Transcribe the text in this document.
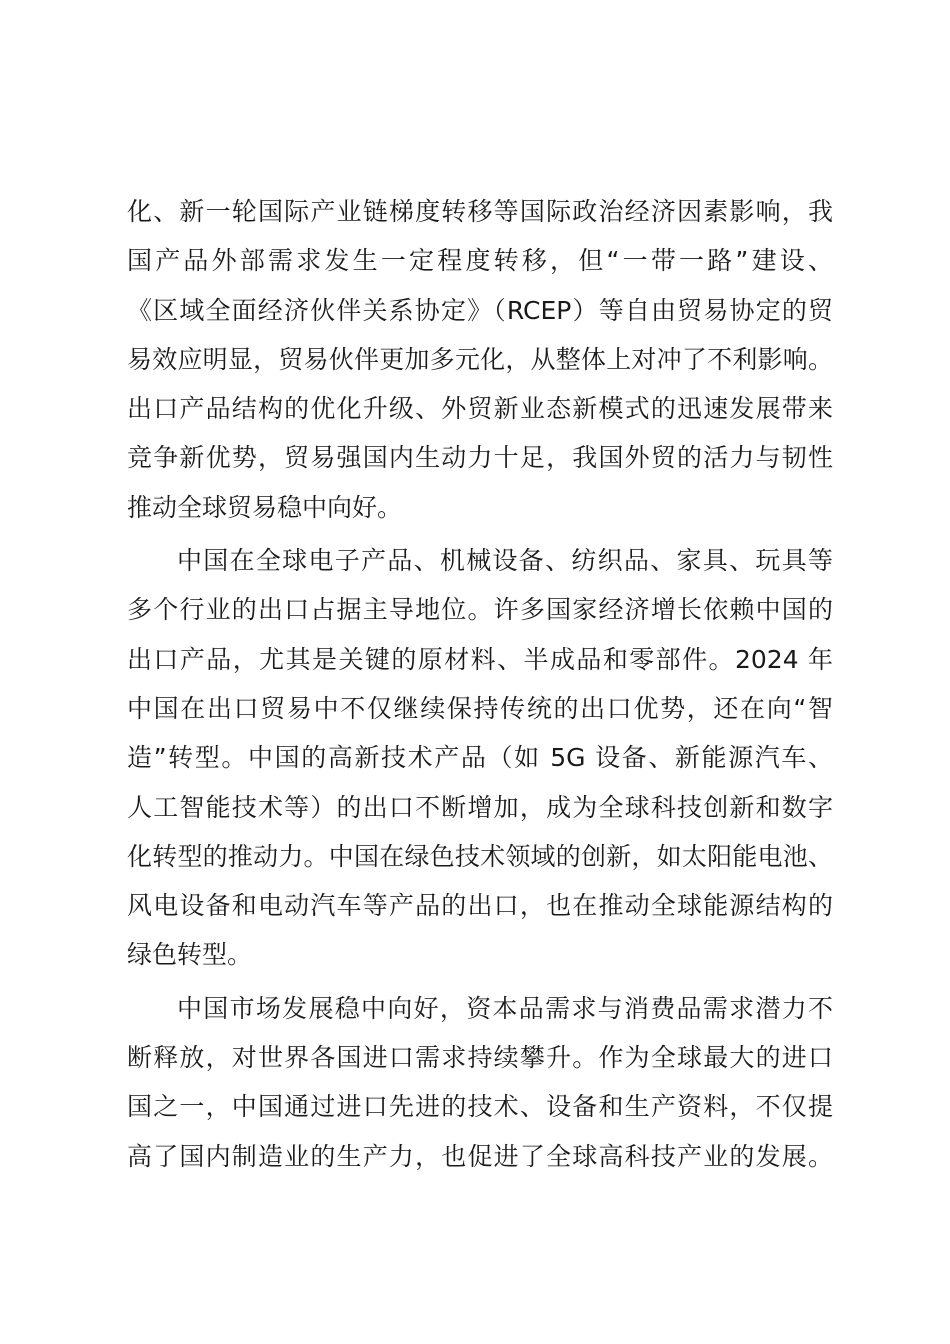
化、新一轮国际产业链梯度转移等国际政治经济因素影响，我
国产品外部需求发生一定程度转移，但“一带一路”建设、
《区域全面经济伙伴关系协定》（RCEP）等自由贸易协定的贸
易效应明显，贸易伙伴更加多元化，从整体上对冲了不利影响。
出口产品结构的优化升级、外贸新业态新模式的迅速发展带来
竞争新优势，贸易强国内生动力十足，我国外贸的活力与韧性
推动全球贸易稳中向好。
中国在全球电子产品、机械设备、纺织品、家具、玩具等
多个行业的出口占据主导地位。许多国家经济增长依赖中国的
出口产品，尤其是关键的原材料、半成品和零部件。2024 年
中国在出口贸易中不仅继续保持传统的出口优势，还在向“智
造”转型。中国的高新技术产品（如 5G 设备、新能源汽车、
人工智能技术等）的出口不断增加，成为全球科技创新和数字
化转型的推动力。中国在绿色技术领域的创新，如太阳能电池、
风电设备和电动汽车等产品的出口，也在推动全球能源结构的
绿色转型。
中国市场发展稳中向好，资本品需求与消费品需求潜力不
断释放，对世界各国进口需求持续攀升。作为全球最大的进口
国之一，中国通过进口先进的技术、设备和生产资料，不仅提
高了国内制造业的生产力，也促进了全球高科技产业的发展。
